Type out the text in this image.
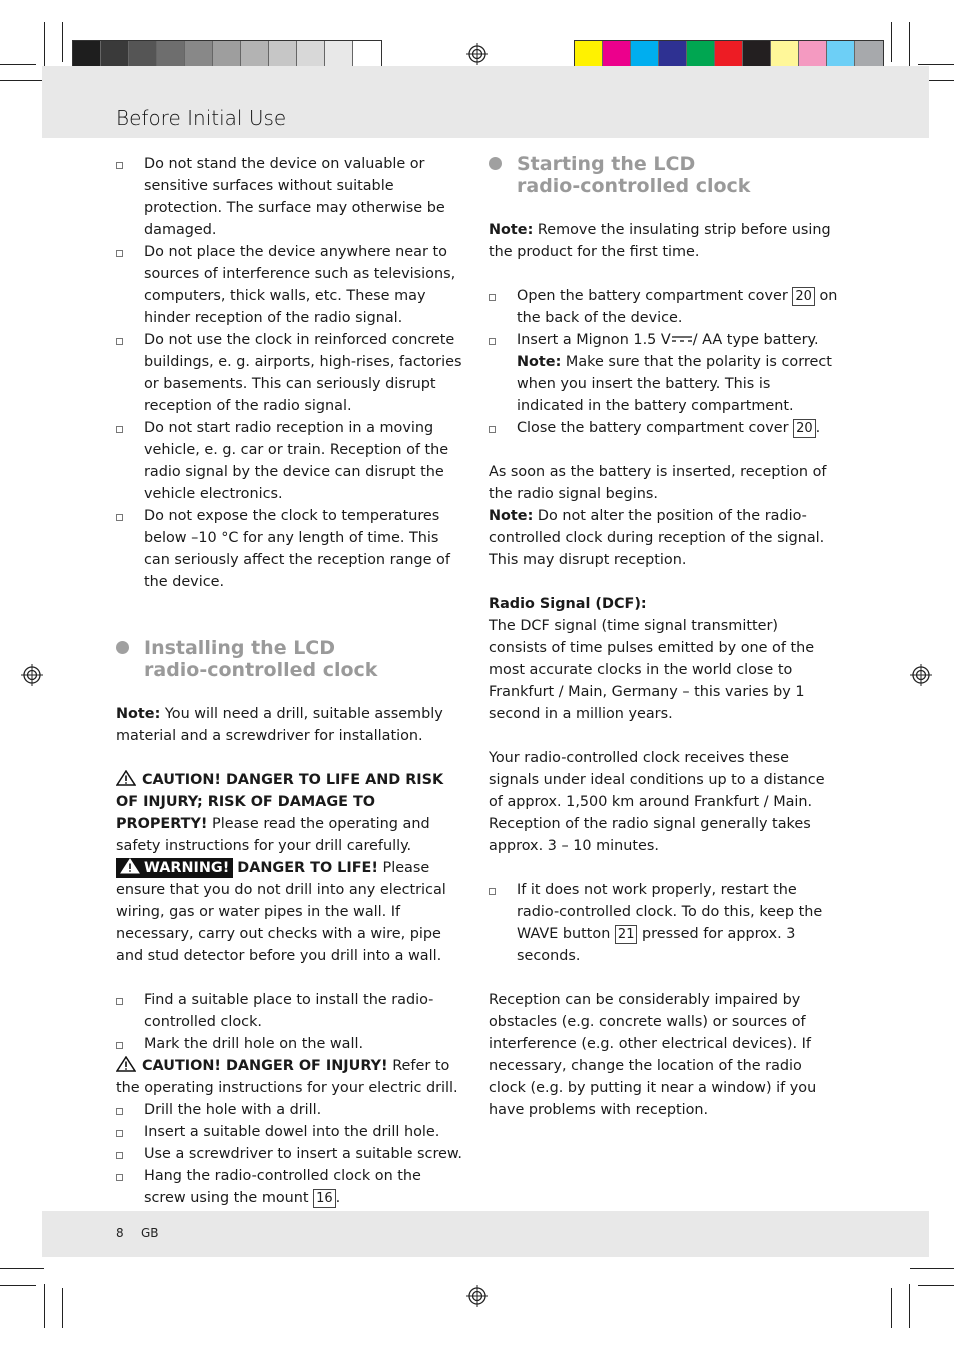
Before Initial Use
Do not stand the device on valuable or sensitive surfaces without suitable protection. The surface may otherwise be damaged.
Do not place the device anywhere near to sources of interference such as televisions, computers, thick walls, etc. These may hinder reception of the radio signal.
Do not use the clock in reinforced concrete buildings, e. g. airports, high-rises, factories or basements. This can seriously disrupt reception of the radio signal.
Do not start radio reception in a moving vehicle, e. g. car or train. Reception of the radio signal by the device can disrupt the vehicle electronics.
Do not expose the clock to temperatures below –10 °C for any length of time. This can seriously affect the reception range of the device.
Installing the LCD
radio-controlled clock

Note: You will need a drill, suitable assembly material and a screwdriver for installation.

CAUTION! DANGER TO LIFE AND RISK OF INJURY; RISK OF DAMAGE TO PROPERTY! Please read the operating and safety instructions for your drill carefully.

WARNING! DANGER TO LIFE! Please ensure that you do not drill into any electrical wiring, gas or water pipes in the wall. If necessary, carry out checks with a wire, pipe and stud detector before you drill into a wall.

Find a suitable place to install the radio-controlled clock.
Mark the drill hole on the wall.

CAUTION! DANGER OF INJURY! Refer to the operating instructions for your electric drill.

Drill the hole with a drill.
Insert a suitable dowel into the drill hole.
Use a screwdriver to insert a suitable screw.
Hang the radio-controlled clock on the screw using the mount 16 .
Starting the LCD
radio-controlled clock

Note: Remove the insulating strip before using the product for the first time.

Open the battery compartment cover 20 on the back of the device.
Insert a Mignon 1.5 V / AA type battery.
Note: Make sure that the polarity is correct when you insert the battery. This is indicated in the battery compartment.
Close the battery compartment cover 20 .

As soon as the battery is inserted, reception of the radio signal begins.

Note: Do not alter the position of the radio-controlled clock during reception of the signal. This may disrupt reception.

Radio Signal (DCF):

The DCF signal (time signal transmitter) consists of time pulses emitted by one of the most accurate clocks in the world close to Frankfurt / Main, Germany – this varies by 1 second in a million years.

Your radio-controlled clock receives these signals under ideal conditions up to a distance of approx. 1,500 km around Frankfurt / Main. Reception of the radio signal generally takes approx. 3 – 10 minutes.

If it does not work properly, restart the radio-controlled clock. To do this, keep the WAVE button 21 pressed for approx. 3 seconds.

Reception can be considerably impaired by obstacles (e.g. concrete walls) or sources of interference (e.g. other electrical devices). If necessary, change the location of the radio clock (e.g. by putting it near a window) if you have problems with reception.

8 GB
